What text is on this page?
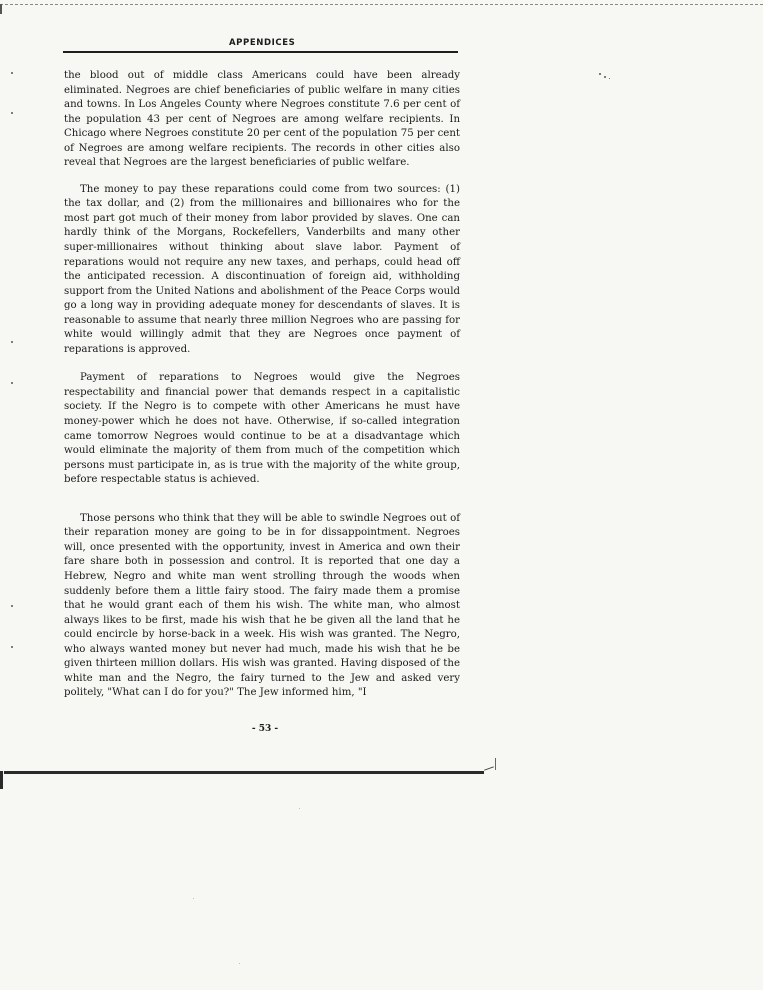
APPENDICES

the blood out of middle class Americans could have been already eliminated. Negroes are chief beneficiaries of public welfare in many cities and towns. In Los Angeles County where Negroes constitute 7.6 per cent of the population 43 per cent of Negroes are among welfare recipients. In Chicago where Negroes constitute 20 per cent of the population 75 per cent of Negroes are among welfare recipients. The records in other cities also reveal that Negroes are the largest beneficiaries of public welfare.

The money to pay these reparations could come from two sources: (1) the tax dollar, and (2) from the millionaires and billionaires who for the most part got much of their money from labor provided by slaves. One can hardly think of the Morgans, Rockefellers, Vanderbilts and many other super-millionaires without thinking about slave labor. Payment of reparations would not require any new taxes, and perhaps, could head off the anticipated recession. A discontinuation of foreign aid, withholding support from the United Nations and abolishment of the Peace Corps would go a long way in providing adequate money for descendants of slaves. It is reasonable to assume that nearly three million Negroes who are passing for white would willingly admit that they are Negroes once payment of reparations is approved.

Payment of reparations to Negroes would give the Negroes respectability and financial power that demands respect in a capitalistic society. If the Negro is to compete with other Americans he must have money-power which he does not have. Otherwise, if so-called integration came tomorrow Negroes would continue to be at a disadvantage which would eliminate the majority of them from much of the competition which persons must participate in, as is true with the majority of the white group, before respectable status is achieved.

Those persons who think that they will be able to swindle Negroes out of their reparation money are going to be in for dissappointment. Negroes will, once presented with the opportunity, invest in America and own their fare share both in possession and control. It is reported that one day a Hebrew, Negro and white man went strolling through the woods when suddenly before them a little fairy stood. The fairy made them a promise that he would grant each of them his wish. The white man, who almost always likes to be first, made his wish that he be given all the land that he could encircle by horse-back in a week. His wish was granted. The Negro, who always wanted money but never had much, made his wish that he be given thirteen million dollars. His wish was granted. Having disposed of the white man and the Negro, the fairy turned to the Jew and asked very politely, "What can I do for you?" The Jew informed him, "I

- 53 -
